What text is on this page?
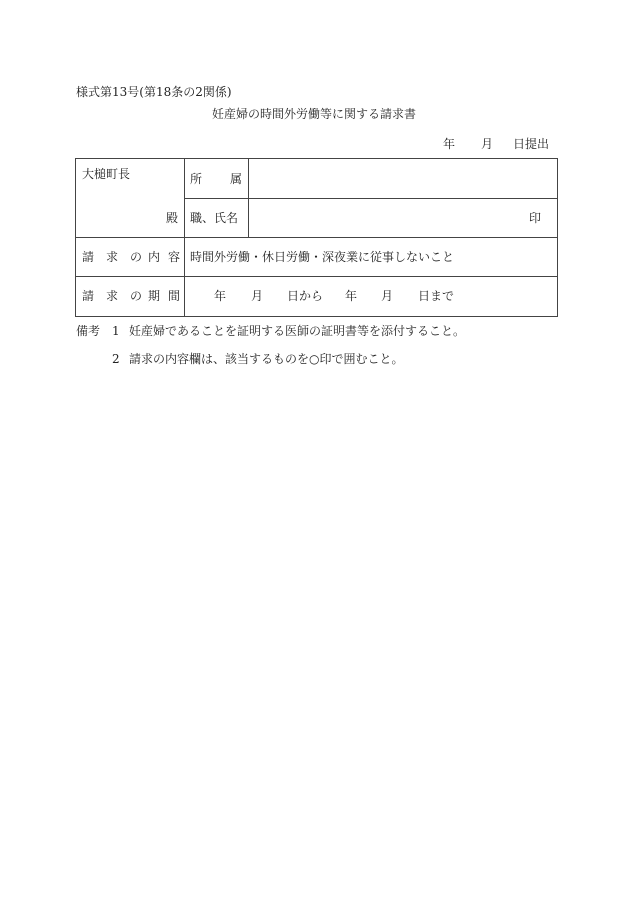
様式第13号(第18条の2関係)
妊産婦の時間外労働等に関する請求書
年 月 日提出
大槌町長
殿
所 属
職、氏名	印
請 求 の 内 容 時間外労働・休日労働・深夜業に従事しないこと
請 求 の 期 間	年 月 日から 年 月 日まで
備考 1 妊産婦であることを証明する医師の証明書等を添付すること。
2 請求の内容欄は、該当するものを○印で囲むこと。
